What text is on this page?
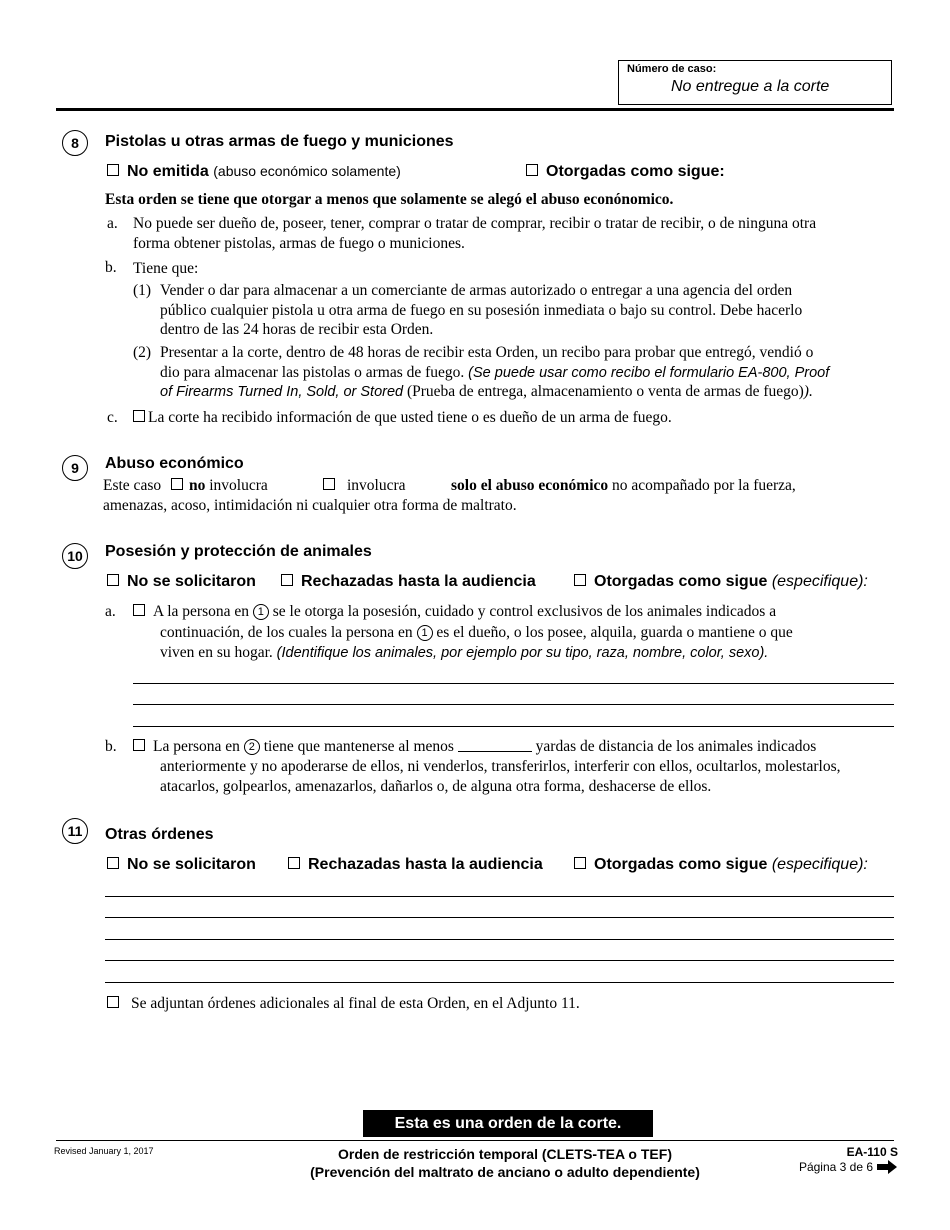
Número de caso:
No entregue a la corte
8	Pistolas u otras armas de fuego y municiones
No emitida (abuso económico solamente)	Otorgadas como sigue:
Esta orden se tiene que otorgar a menos que solamente se alegó el abuso econónomico.
a. No puede ser dueño de, poseer, tener, comprar o tratar de comprar, recibir o tratar de recibir, o de ninguna otra
forma obtener pistolas, armas de fuego o municiones.
b. Tiene que:
(1) Vender o dar para almacenar a un comerciante de armas autorizado o entregar a una agencia del orden
público cualquier pistola u otra arma de fuego en su posesión inmediata o bajo su control. Debe hacerlo
dentro de las 24 horas de recibir esta Orden.
(2) Presentar a la corte, dentro de 48 horas de recibir esta Orden, un recibo para probar que entregó, vendió o
dio para almacenar las pistolas o armas de fuego. (Se puede usar como recibo el formulario EA-800, Proof
of Firearms Turned In, Sold, or Stored (Prueba de entrega, almacenamiento o venta de armas de fuego)).
c.	La corte ha recibido información de que usted tiene o es dueño de un arma de fuego.
9	Abuso económico
Este caso no involucra	involucra	solo el abuso económico no acompañado por la fuerza,
amenazas, acoso, intimidación ni cualquier otra forma de maltrato.
10	Posesión y protección de animales
No se solicitaron	Rechazadas hasta la audiencia	Otorgadas como sigue (especifique):
a.	A la persona en 1 se le otorga la posesión, cuidado y control exclusivos de los animales indicados a
continuación, de los cuales la persona en 1 es el dueño, o los posee, alquila, guarda o mantiene o que
viven en su hogar. (Identifique los animales, por ejemplo por su tipo, raza, nombre, color, sexo).
b.	La persona en 2 tiene que mantenerse al menos	yardas de distancia de los animales indicados
anteriormente y no apoderarse de ellos, ni venderlos, transferirlos, interferir con ellos, ocultarlos, molestarlos,
atacarlos, golpearlos, amenazarlos, dañarlos o, de alguna otra forma, deshacerse de ellos.
11	Otras órdenes
No se solicitaron	Rechazadas hasta la audiencia	Otorgadas como sigue (especifique):
Se adjuntan órdenes adicionales al final de esta Orden, en el Adjunto 11.
Esta es una orden de la corte.
Revised January 1, 2017	Orden de restricción temporal (CLETS-TEA o TEF)
(Prevención del maltrato de anciano o adulto dependiente)
EA-110 S
Página 3 de 6
